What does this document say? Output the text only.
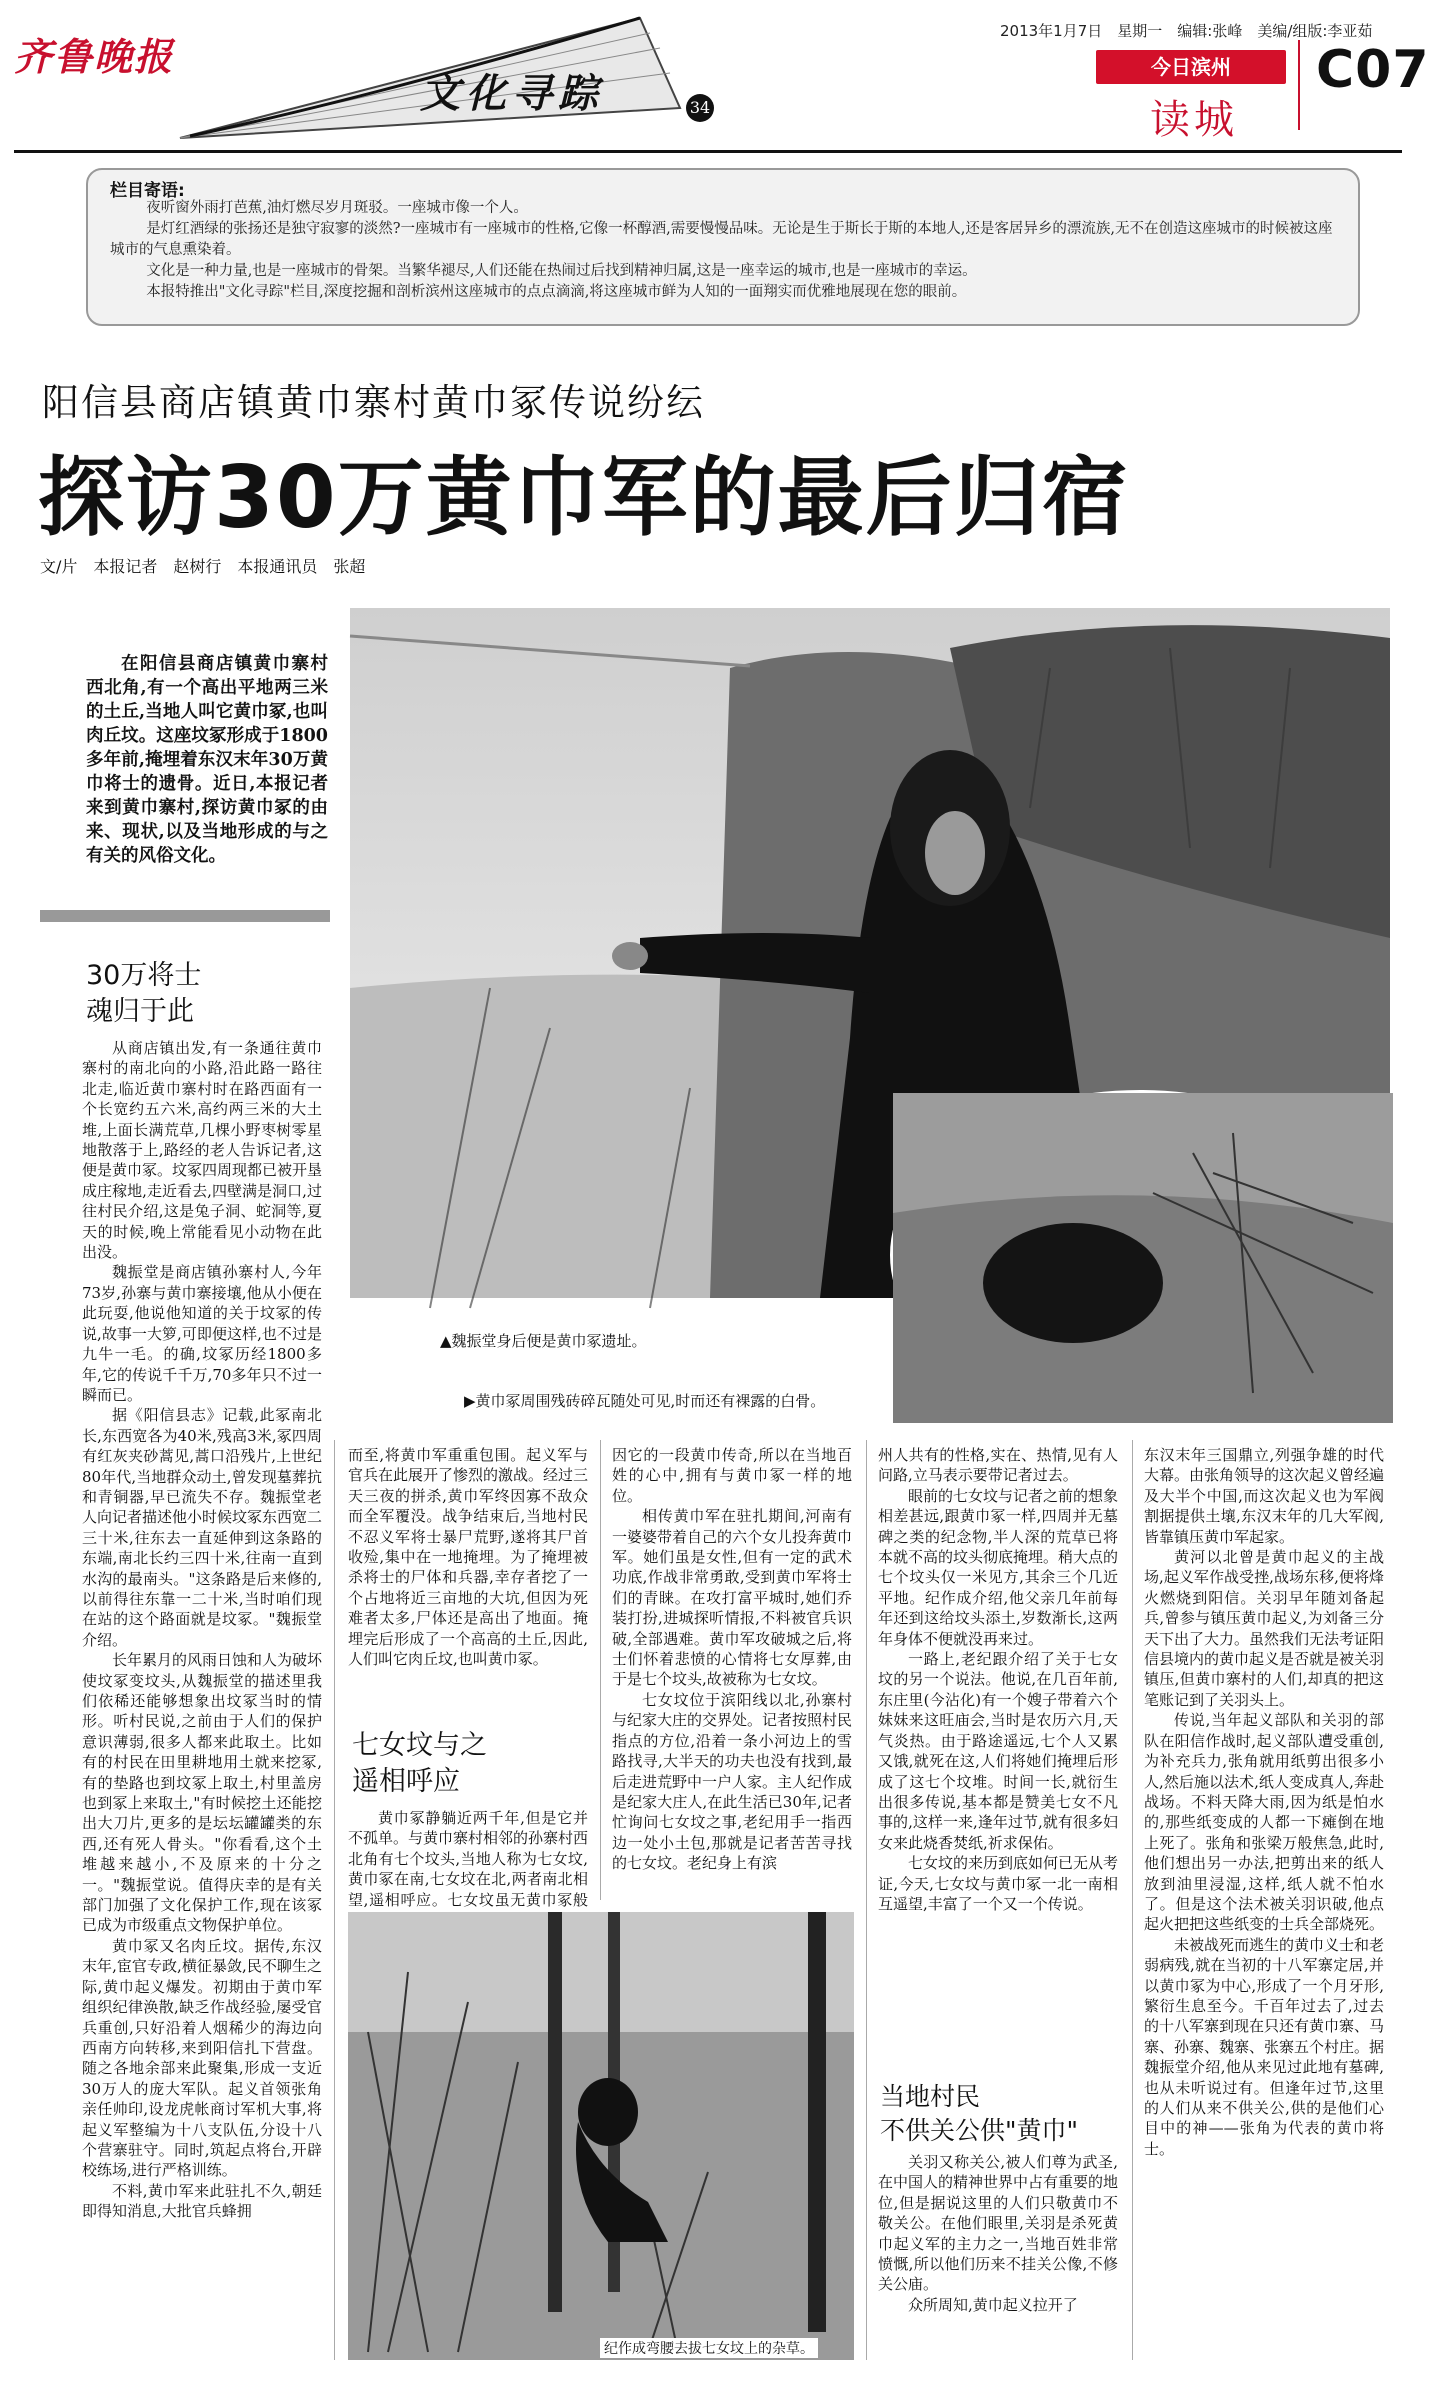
齐鲁晚报
文化寻踪	34
2013年1月7日　星期一　编辑:张峰　美编/组版:李亚茹
今日滨州
读城
C07
栏目寄语:
夜听窗外雨打芭蕉,油灯燃尽岁月斑驳。一座城市像一个人。
是灯红酒绿的张扬还是独守寂寥的淡然?一座城市有一座城市的性格,它像一杯醇酒,需要慢慢品味。无论是生于斯长于斯的本地人,还是客居异乡的漂流族,无不在创造这座城市的时候被这座城市的气息熏染着。
文化是一种力量,也是一座城市的骨架。当繁华褪尽,人们还能在热闹过后找到精神归属,这是一座幸运的城市,也是一座城市的幸运。
本报特推出"文化寻踪"栏目,深度挖掘和剖析滨州这座城市的点点滴滴,将这座城市鲜为人知的一面翔实而优雅地展现在您的眼前。
阳信县商店镇黄巾寨村黄巾冢传说纷纭
探访30万黄巾军的最后归宿
文/片　本报记者　赵树行　本报通讯员　张超

在阳信县商店镇黄巾寨村西北角,有一个高出平地两三米的土丘,当地人叫它黄巾冢,也叫肉丘坟。这座坟冢形成于1800多年前,掩埋着东汉末年30万黄巾将士的遗骨。近日,本报记者来到黄巾寨村,探访黄巾冢的由来、现状,以及当地形成的与之有关的风俗文化。

▲魏振堂身后便是黄巾冢遗址。
▶黄巾冢周围残砖碎瓦随处可见,时而还有裸露的白骨。
30万将士
魂归于此

从商店镇出发,有一条通往黄巾寨村的南北向的小路,沿此路一路往北走,临近黄巾寨村时在路西面有一个长宽约五六米,高约两三米的大土堆,上面长满荒草,几棵小野枣树零星地散落于上,路经的老人告诉记者,这便是黄巾冢。坟冢四周现都已被开垦成庄稼地,走近看去,四壁满是洞口,过往村民介绍,这是兔子洞、蛇洞等,夏天的时候,晚上常能看见小动物在此出没。

魏振堂是商店镇孙寨村人,今年73岁,孙寨与黄巾寨接壤,他从小便在此玩耍,他说他知道的关于坟冢的传说,故事一大箩,可即便这样,也不过是九牛一毛。的确,坟冢历经1800多年,它的传说千千万,70多年只不过一瞬而已。

据《阳信县志》记载,此冢南北长,东西宽各为40米,残高3米,冢四周有红灰夹砂蒿见,蒿口沿残片,上世纪80年代,当地群众动土,曾发现墓葬抗和青铜器,早已流失不存。魏振堂老人向记者描述他小时候坟冢东西宽二三十米,往东去一直延伸到这条路的东端,南北长约三四十米,往南一直到水沟的最南头。"这条路是后来修的,以前得往东靠一二十米,当时咱们现在站的这个路面就是坟冢。"魏振堂介绍。

长年累月的风雨日蚀和人为破坏使坟冢变坟头,从魏振堂的描述里我们依稀还能够想象出坟冢当时的情形。听村民说,之前由于人们的保护意识薄弱,很多人都来此取土。比如有的村民在田里耕地用土就来挖冢,有的垫路也到坟冢上取土,村里盖房也到冢上来取土,"有时候挖土还能挖出大刀片,更多的是坛坛罐罐类的东西,还有死人骨头。"你看看,这个土堆越来越小,不及原来的十分之一。"魏振堂说。值得庆幸的是有关部门加强了文化保护工作,现在该冢已成为市级重点文物保护单位。

黄巾冢又名肉丘坟。据传,东汉末年,宦官专政,横征暴敛,民不聊生之际,黄巾起义爆发。初期由于黄巾军组织纪律涣散,缺乏作战经验,屡受官兵重创,只好沿着人烟稀少的海边向西南方向转移,来到阳信扎下营盘。随之各地余部来此聚集,形成一支近30万人的庞大军队。起义首领张角亲任帅印,设龙虎帐商讨军机大事,将起义军整编为十八支队伍,分设十八个营寨驻守。同时,筑起点将台,开辟校练场,进行严格训练。

不料,黄巾军来此驻扎不久,朝廷即得知消息,大批官兵蜂拥

而至,将黄巾军重重包围。起义军与官兵在此展开了惨烈的激战。经过三天三夜的拼杀,黄巾军终因寡不敌众而全军覆没。战争结束后,当地村民不忍义军将士暴尸荒野,遂将其尸首收殓,集中在一地掩埋。为了掩埋被杀将士的尸体和兵器,幸存者挖了一个占地将近三亩地的大坑,但因为死难者太多,尸体还是高出了地面。掩埋完后形成了一个高高的土丘,因此,人们叫它肉丘坟,也叫黄巾冢。

七女坟与之
遥相呼应

黄巾冢静躺近两千年,但是它并不孤单。与黄巾寨村相邻的孙寨村西北角有七个坟头,当地人称为七女坟,黄巾冢在南,七女坟在北,两者南北相望,遥相呼应。七女坟虽无黄巾冢般

因它的一段黄巾传奇,所以在当地百姓的心中,拥有与黄巾冢一样的地位。

相传黄巾军在驻扎期间,河南有一婆婆带着自己的六个女儿投奔黄巾军。她们虽是女性,但有一定的武术功底,作战非常勇敢,受到黄巾军将士们的青睐。在攻打富平城时,她们乔装打扮,进城探听情报,不料被官兵识破,全部遇难。黄巾军攻破城之后,将士们怀着悲愤的心情将七女厚葬,由于是七个坟头,故被称为七女坟。

七女坟位于滨阳线以北,孙寨村与纪家大庄的交界处。记者按照村民指点的方位,沿着一条小河边上的雪路找寻,大半天的功夫也没有找到,最后走进荒野中一户人家。主人纪作成是纪家大庄人,在此生活已30年,记者忙询问七女坟之事,老纪用手一指西边一处小土包,那就是记者苦苦寻找的七女坟。老纪身上有滨

纪作成弯腰去拔七女坟上的杂草。

州人共有的性格,实在、热情,见有人问路,立马表示要带记者过去。

眼前的七女坟与记者之前的想象相差甚远,跟黄巾冢一样,四周并无墓碑之类的纪念物,半人深的荒草已将本就不高的坟头彻底掩埋。稍大点的七个坟头仅一米见方,其余三个几近平地。纪作成介绍,他父亲几年前每年还到这给坟头添土,岁数渐长,这两年身体不便就没再来过。

一路上,老纪跟介绍了关于七女坟的另一个说法。他说,在几百年前,东庄里(今沾化)有一个嫂子带着六个妹妹来这旺庙会,当时是农历六月,天气炎热。由于路途遥远,七个人又累又饿,就死在这,人们将她们掩埋后形成了这七个坟堆。时间一长,就衍生出很多传说,基本都是赞美七女不凡事的,这样一来,逢年过节,就有很多妇女来此烧香焚纸,祈求保佑。

七女坟的来历到底如何已无从考证,今天,七女坟与黄巾冢一北一南相互遥望,丰富了一个又一个传说。

当地村民
不供关公供"黄巾"

关羽又称关公,被人们尊为武圣,在中国人的精神世界中占有重要的地位,但是据说这里的人们只敬黄巾不敬关公。在他们眼里,关羽是杀死黄巾起义军的主力之一,当地百姓非常愤慨,所以他们历来不挂关公像,不修关公庙。

众所周知,黄巾起义拉开了

东汉末年三国鼎立,列强争雄的时代大幕。由张角领导的这次起义曾经遍及大半个中国,而这次起义也为军阀割据提供土壤,东汉末年的几大军阀,皆靠镇压黄巾军起家。

黄河以北曾是黄巾起义的主战场,起义军作战受挫,战场东移,便将烽火燃烧到阳信。关羽早年随刘备起兵,曾参与镇压黄巾起义,为刘备三分天下出了大力。虽然我们无法考证阳信县境内的黄巾起义是否就是被关羽镇压,但黄巾寨村的人们,却真的把这笔账记到了关羽头上。

传说,当年起义部队和关羽的部队在阳信作战时,起义部队遭受重创,为补充兵力,张角就用纸剪出很多小人,然后施以法术,纸人变成真人,奔赴战场。不料天降大雨,因为纸是怕水的,那些纸变成的人都一下瘫倒在地上死了。张角和张梁万般焦急,此时,他们想出另一办法,把剪出来的纸人放到油里浸湿,这样,纸人就不怕水了。但是这个法术被关羽识破,他点起火把把这些纸变的士兵全部烧死。

未被战死而逃生的黄巾义士和老弱病残,就在当初的十八军寨定居,并以黄巾冢为中心,形成了一个月牙形,繁衍生息至今。千百年过去了,过去的十八军寨到现在只还有黄巾寨、马寨、孙寨、魏寨、张寨五个村庄。据魏振堂介绍,他从来见过此地有墓碑,也从未听说过有。但逢年过节,这里的人们从来不供关公,供的是他们心目中的神——张角为代表的黄巾将士。
